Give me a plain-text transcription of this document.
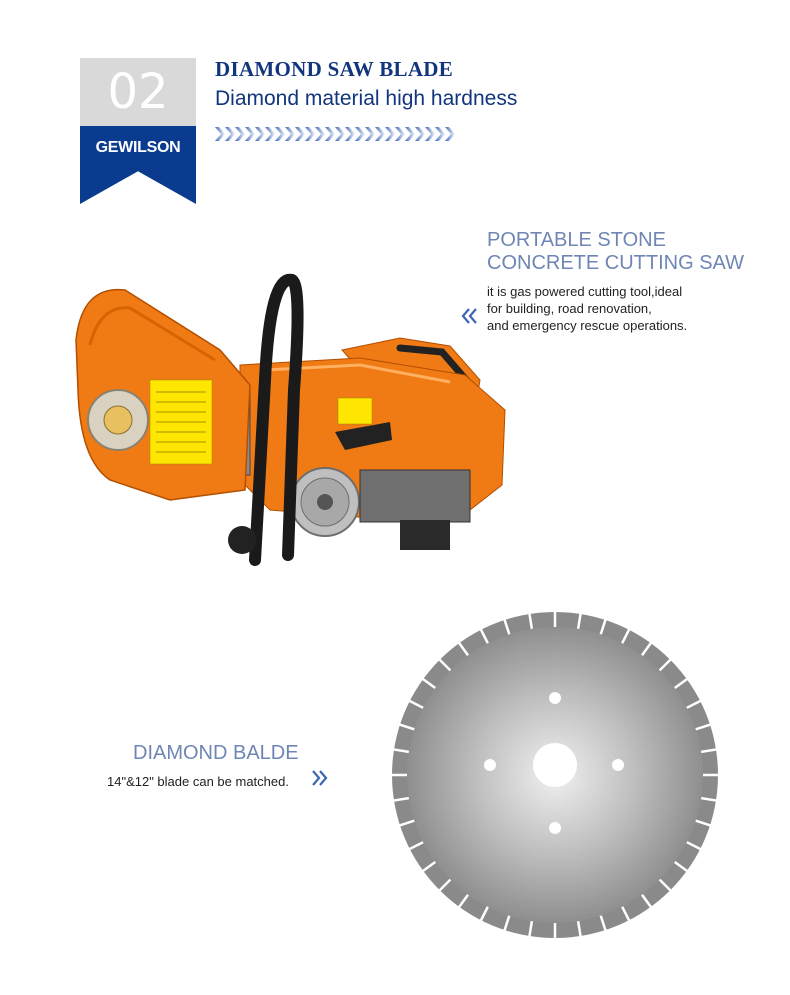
02
GEWILSON
DIAMOND SAW BLADE
Diamond material high hardness
PORTABLE STONE
CONCRETE CUTTING SAW
it is gas powered cutting tool,ideal
for building, road renovation,
and emergency rescue operations.
DIAMOND BALDE
14"&12" blade can be matched.
